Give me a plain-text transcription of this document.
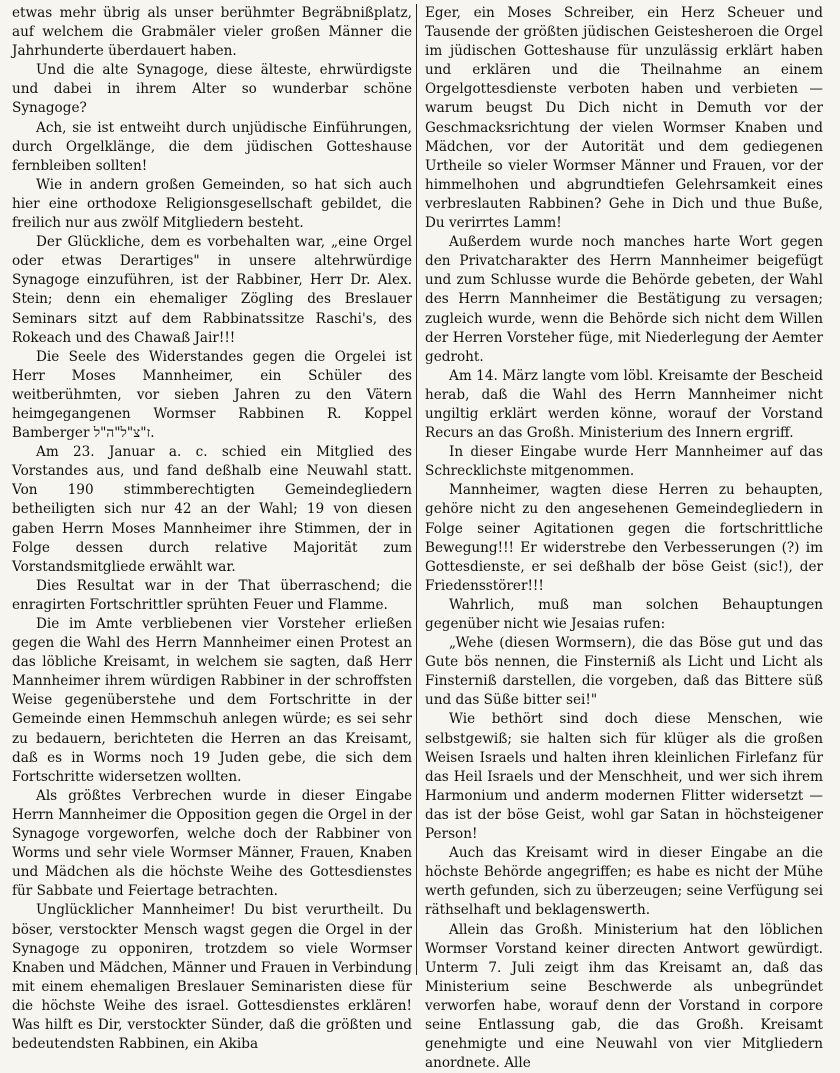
etwas mehr übrig als unser berühmter Begräbnißplatz, auf welchem die Grabmäler vieler großen Männer die Jahrhunderte überdauert haben.

Und die alte Synagoge, diese älteste, ehrwürdigste und dabei in ihrem Alter so wunderbar schöne Synagoge?

Ach, sie ist entweiht durch unjüdische Einführungen, durch Orgelklänge, die dem jüdischen Gotteshause fernbleiben sollten!

Wie in andern großen Gemeinden, so hat sich auch hier eine orthodoxe Religionsgesellschaft gebildet, die freilich nur aus zwölf Mitgliedern besteht.

Der Glückliche, dem es vorbehalten war, „eine Orgel oder etwas Derartiges" in unsere altehrwürdige Synagoge einzuführen, ist der Rabbiner, Herr Dr. Alex. Stein; denn ein ehemaliger Zögling des Breslauer Seminars sitzt auf dem Rabbinatssitze Raschi's, des Rokeach und des Chawaß Jair!!!

Die Seele des Widerstandes gegen die Orgelei ist Herr Moses Mannheimer, ein Schüler des weitberühmten, vor sieben Jahren zu den Vätern heimgegangenen Wormser Rabbinen R. Koppel Bamberger ז"צ"ל"ה"ל.

Am 23. Januar a. c. schied ein Mitglied des Vorstandes aus, und fand deßhalb eine Neuwahl statt. Von 190 stimmberechtigten Gemeindegliedern betheiligten sich nur 42 an der Wahl; 19 von diesen gaben Herrn Moses Mannheimer ihre Stimmen, der in Folge dessen durch relative Majorität zum Vorstandsmitgliede erwählt war.

Dies Resultat war in der That überraschend; die enragirten Fortschrittler sprühten Feuer und Flamme.

Die im Amte verbliebenen vier Vorsteher erließen gegen die Wahl des Herrn Mannheimer einen Protest an das löbliche Kreisamt, in welchem sie sagten, daß Herr Mannheimer ihrem würdigen Rabbiner in der schroffsten Weise gegenüberstehe und dem Fortschritte in der Gemeinde einen Hemmschuh anlegen würde; es sei sehr zu bedauern, berichteten die Herren an das Kreisamt, daß es in Worms noch 19 Juden gebe, die sich dem Fortschritte widersetzen wollten.

Als größtes Verbrechen wurde in dieser Eingabe Herrn Mannheimer die Opposition gegen die Orgel in der Synagoge vorgeworfen, welche doch der Rabbiner von Worms und sehr viele Wormser Männer, Frauen, Knaben und Mädchen als die höchste Weihe des Gottesdienstes für Sabbate und Feiertage betrachten.

Unglücklicher Mannheimer! Du bist verurtheilt. Du böser, verstockter Mensch wagst gegen die Orgel in der Synagoge zu opponiren, trotzdem so viele Wormser Knaben und Mädchen, Männer und Frauen in Verbindung mit einem ehemaligen Breslauer Seminaristen diese für die höchste Weihe des israel. Gottesdienstes erklären! Was hilft es Dir, verstockter Sünder, daß die größten und bedeutendsten Rabbinen, ein Akiba

Eger, ein Moses Schreiber, ein Herz Scheuer und Tausende der größten jüdischen Geistesheroen die Orgel im jüdischen Gotteshause für unzulässig erklärt haben und erklären und die Theilnahme an einem Orgelgottesdienste verboten haben und verbieten — warum beugst Du Dich nicht in Demuth vor der Geschmacksrichtung der vielen Wormser Knaben und Mädchen, vor der Autorität und dem gediegenen Urtheile so vieler Wormser Männer und Frauen, vor der himmelhohen und abgrundtiefen Gelehrsamkeit eines verbreslauten Rabbinen? Gehe in Dich und thue Buße, Du verirrtes Lamm!

Außerdem wurde noch manches harte Wort gegen den Privatcharakter des Herrn Mannheimer beigefügt und zum Schlusse wurde die Behörde gebeten, der Wahl des Herrn Mannheimer die Bestätigung zu versagen; zugleich wurde, wenn die Behörde sich nicht dem Willen der Herren Vorsteher füge, mit Niederlegung der Aemter gedroht.

Am 14. März langte vom löbl. Kreisamte der Bescheid herab, daß die Wahl des Herrn Mannheimer nicht ungiltig erklärt werden könne, worauf der Vorstand Recurs an das Großh. Ministerium des Innern ergriff.

In dieser Eingabe wurde Herr Mannheimer auf das Schrecklichste mitgenommen.

Mannheimer, wagten diese Herren zu behaupten, gehöre nicht zu den angesehenen Gemeindegliedern in Folge seiner Agitationen gegen die fortschrittliche Bewegung!!! Er widerstrebe den Verbesserungen (?) im Gottesdienste, er sei deßhalb der böse Geist (sic!), der Friedensstörer!!!

Wahrlich, muß man solchen Behauptungen gegenüber nicht wie Jesaias rufen:

„Wehe (diesen Wormsern), die das Böse gut und das Gute bös nennen, die Finsterniß als Licht und Licht als Finsterniß darstellen, die vorgeben, daß das Bittere süß und das Süße bitter sei!"

Wie bethört sind doch diese Menschen, wie selbstgewiß; sie halten sich für klüger als die großen Weisen Israels und halten ihren kleinlichen Firlefanz für das Heil Israels und der Menschheit, und wer sich ihrem Harmonium und anderm modernen Flitter widersetzt — das ist der böse Geist, wohl gar Satan in höchsteigener Person!

Auch das Kreisamt wird in dieser Eingabe an die höchste Behörde angegriffen; es habe es nicht der Mühe werth gefunden, sich zu überzeugen; seine Verfügung sei räthselhaft und beklagenswerth.

Allein das Großh. Ministerium hat den löblichen Wormser Vorstand keiner directen Antwort gewürdigt. Unterm 7. Juli zeigt ihm das Kreisamt an, daß das Ministerium seine Beschwerde als unbegründet verworfen habe, worauf denn der Vorstand in corpore seine Entlassung gab, die das Großh. Kreisamt genehmigte und eine Neuwahl von vier Mitgliedern anordnete. Alle
